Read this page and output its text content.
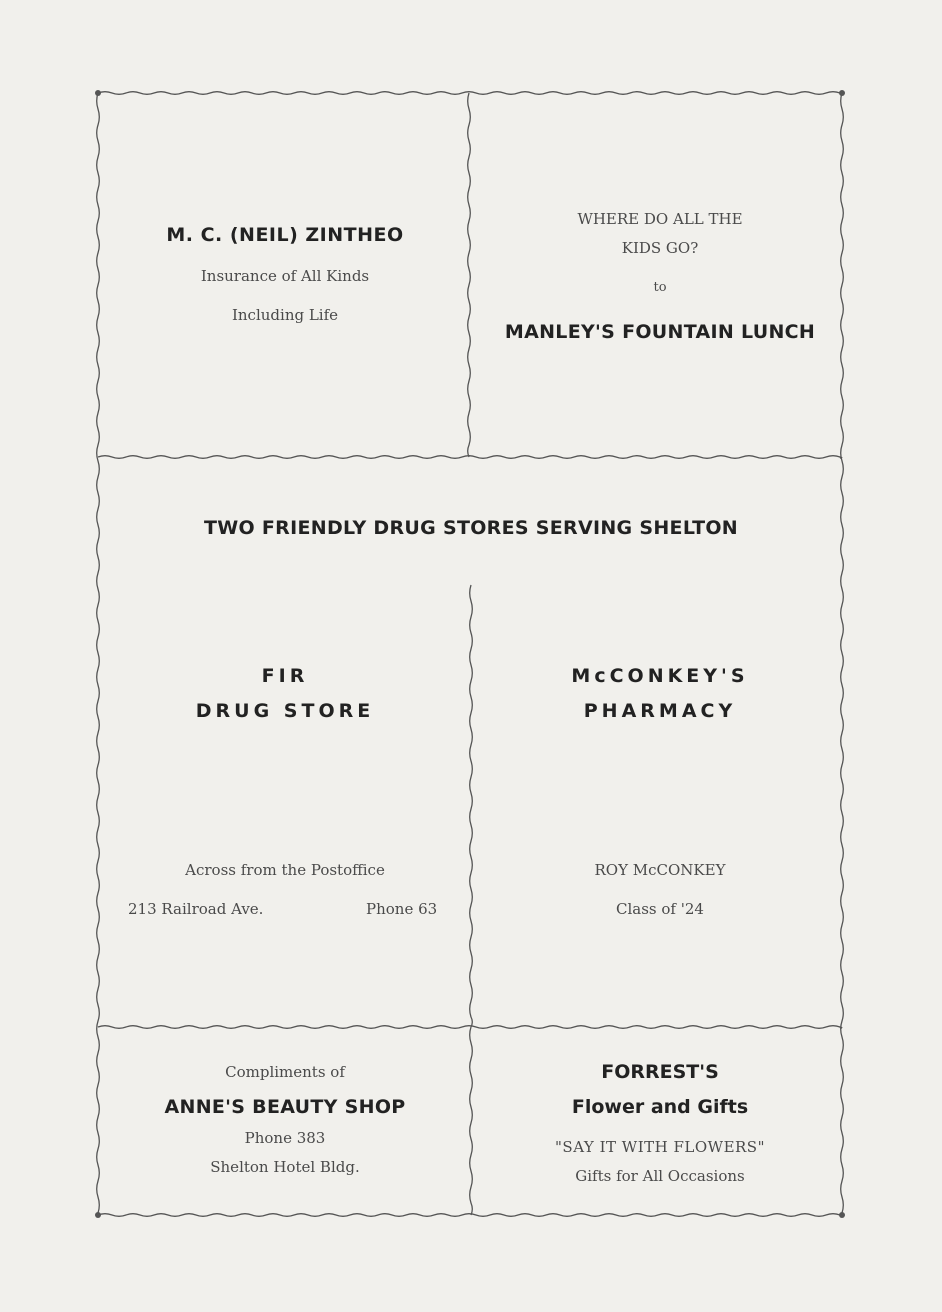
M. C. (NEIL) ZINTHEO
Insurance of All Kinds
Including Life
WHERE DO ALL THE
KIDS GO?
to
MANLEY'S FOUNTAIN LUNCH
TWO FRIENDLY DRUG STORES SERVING SHELTON
FIR
DRUG STORE
Across from the Postoffice
213 Railroad Ave.	Phone 63
McCONKEY'S
PHARMACY
ROY McCONKEY
Class of '24
Compliments of
ANNE'S BEAUTY SHOP
Phone 383
Shelton Hotel Bldg.
FORREST'S
Flower and Gifts
"SAY IT WITH FLOWERS"
Gifts for All Occasions
